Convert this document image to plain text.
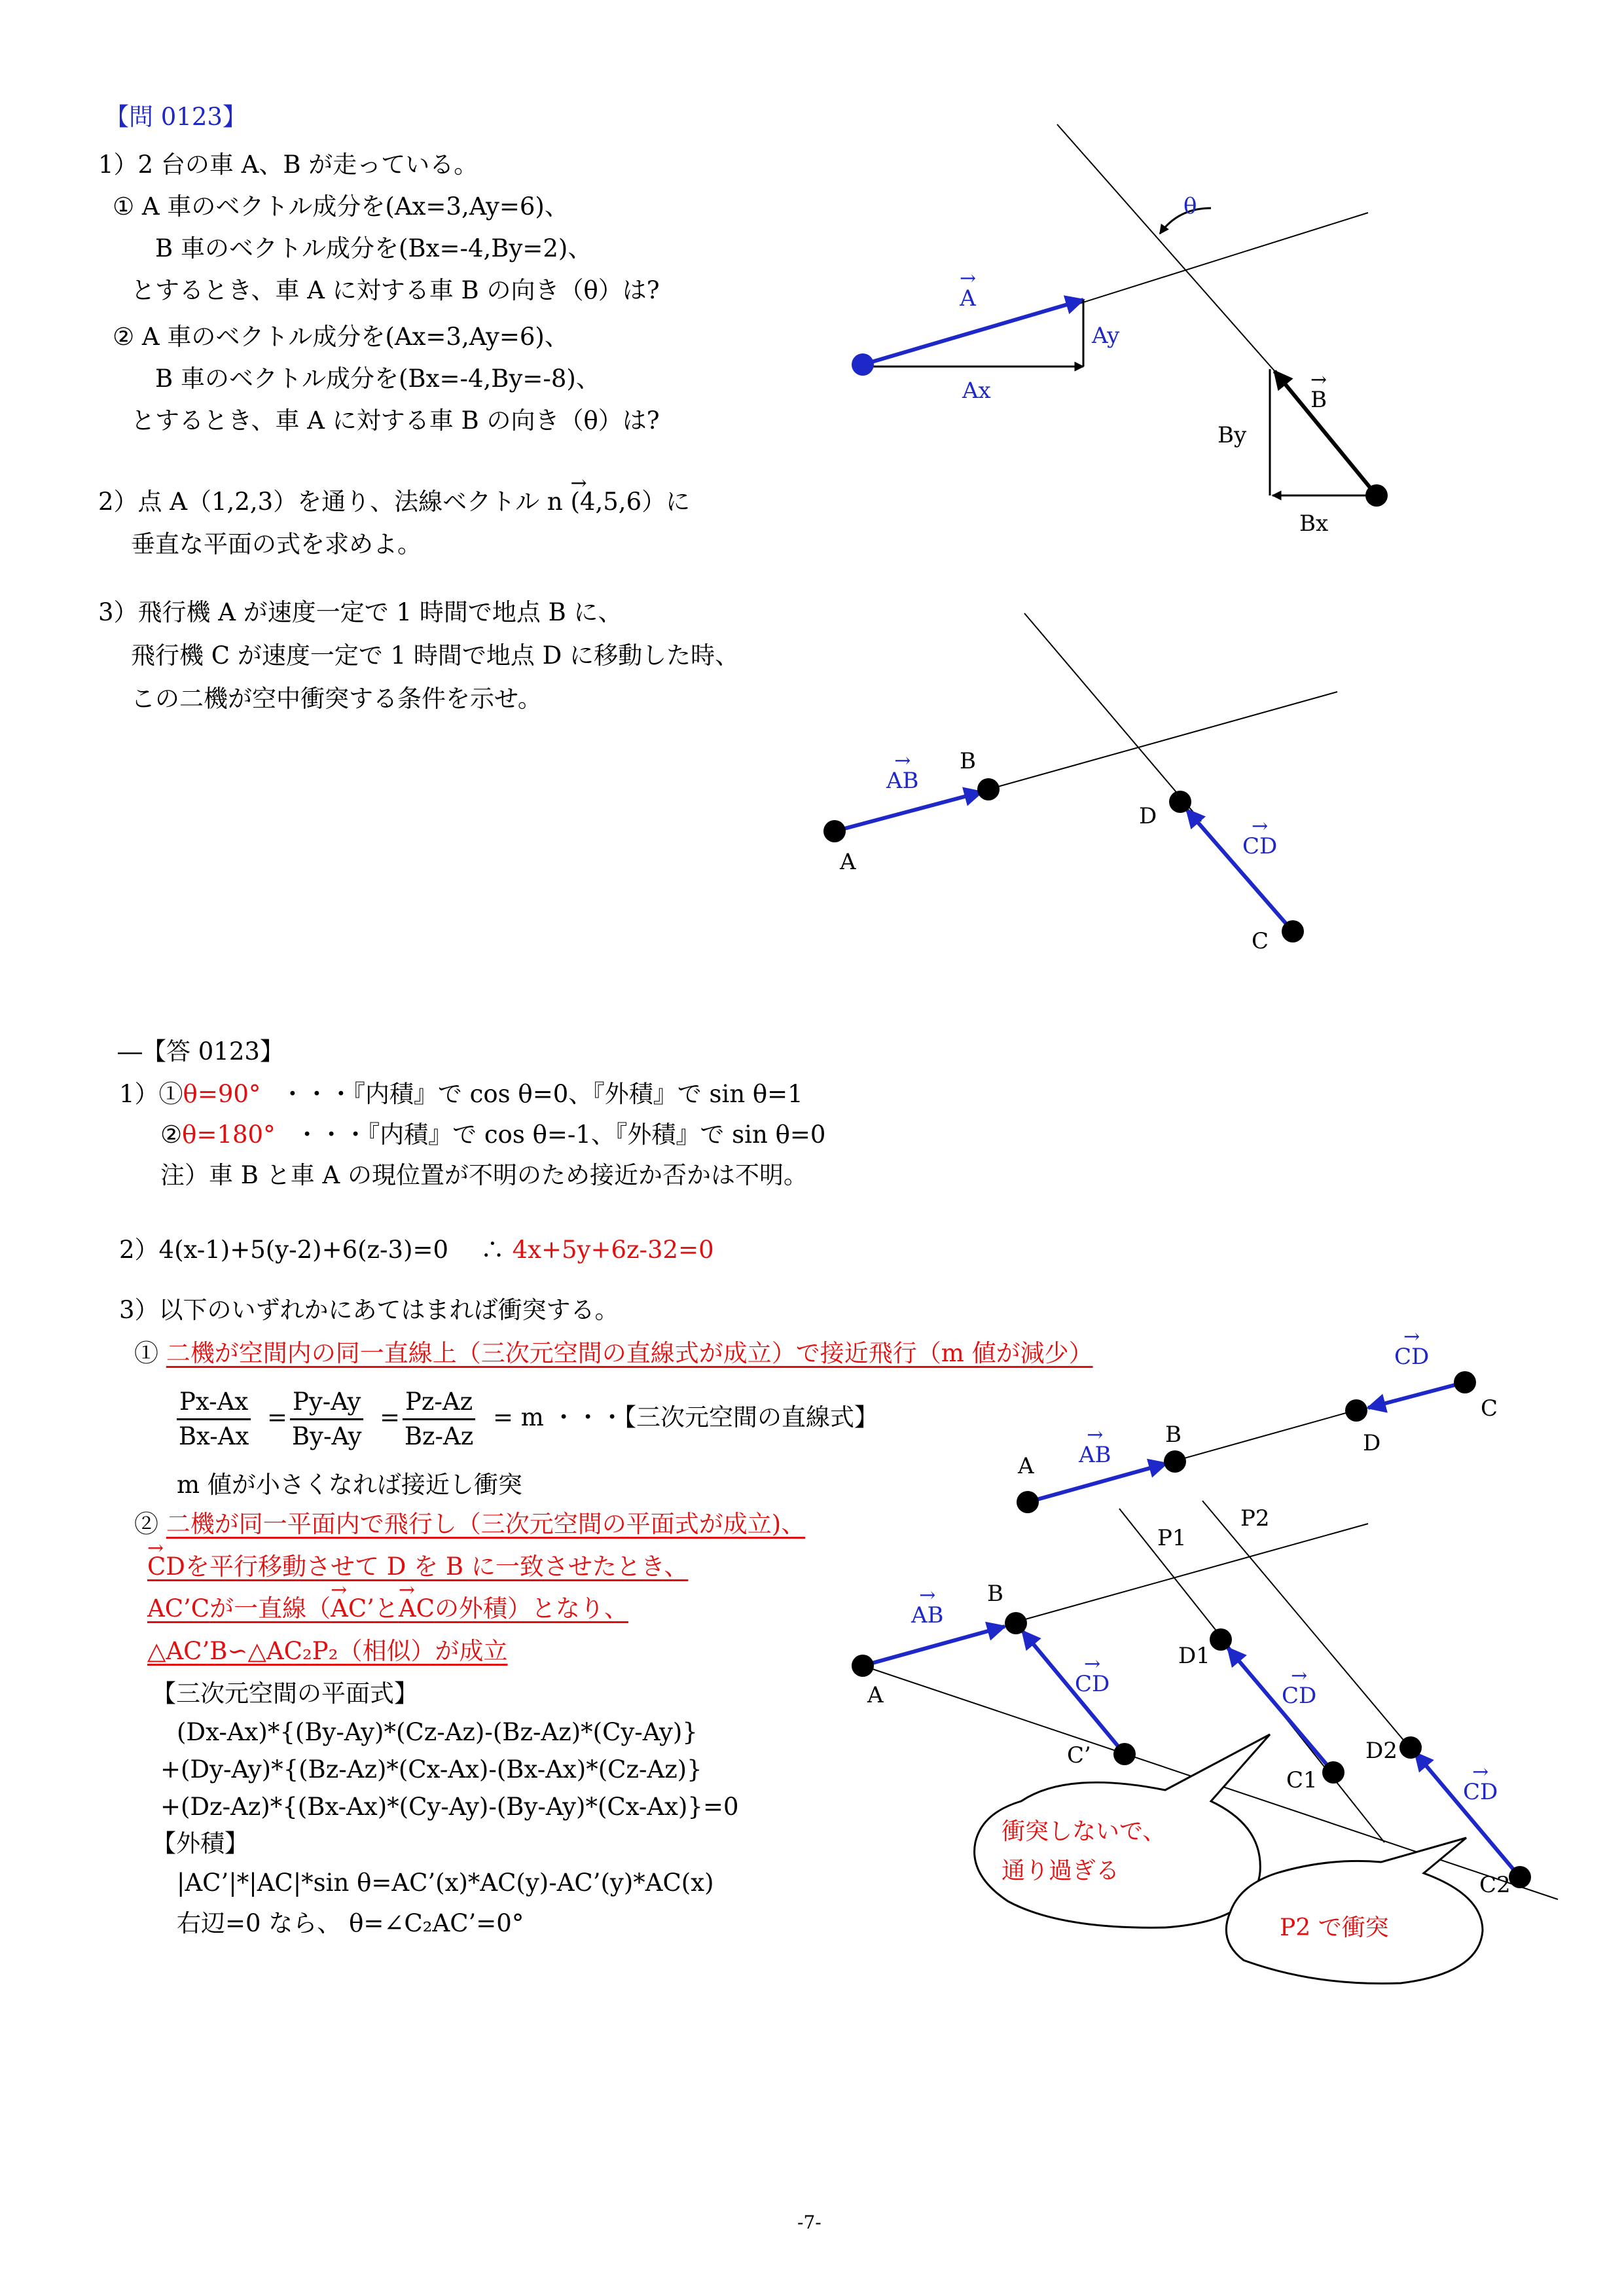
【問 0123】
1）2 台の車 A、B が走っている。
① A 車のベクトル成分を(Ax=3,Ay=6)、
B 車のベクトル成分を(Bx=-4,By=2)、
とするとき、車 A に対する車 B の向き（θ）は?
② A 車のベクトル成分を(Ax=3,Ay=6)、
B 車のベクトル成分を(Bx=-4,By=-8)、
とするとき、車 A に対する車 B の向き（θ）は?
2）点 A（1,2,3）を通り、法線ベクトル n (4,5,6）に
垂直な平面の式を求めよ。
3）飛行機 A が速度一定で 1 時間で地点 B に、
飛行機 C が速度一定で 1 時間で地点 D に移動した時、
この二機が空中衝突する条件を示せ。
θ
→
A
Ay
Ax	→
B
By
Bx
→
AB
B
A
D	→
CD
C
―【答 0123】
1）①θ=90° ・・・『内積』で cos θ=0、『外積』で sin θ=1
②θ=180° ・・・『内積』で cos θ=-1、『外積』で sin θ=0
注）車 B と車 A の現位置が不明のため接近か否かは不明。
2）4(x-1)+5(y-2)+6(z-3)=0　 ∴ 4x+5y+6z-32=0
3）以下のいずれかにあてはまれば衝突する。
① 二機が空間内の同一直線上（三次元空間の直線式が成立）で接近飛行（m 値が減少）
$\frac{Px-Ax}{Bx-Ax} = \frac{Py-Ay}{By-Ay} = \frac{Pz-Az}{Bz-Az} = m$ ・・・
【三次元空間の直線式】
m 値が小さくなれば接近し衝突
② 二機が同一平面内で飛行し（三次元空間の平面式が成立)、
→ CDを平行移動させて D を B に一致させたとき、
AC’Cが一直線（→ AC’と→ ACの外積）となり、
△AC’B∽△AC₂P₂（相似）が成立
【三次元空間の平面式】
(Dx-Ax)*{(By-Ay)*(Cz-Az)-(Bz-Az)*(Cy-Ay)}
+(Dy-Ay)*{(Bz-Az)*(Cx-Ax)-(Bx-Ax)*(Cz-Az)}
+(Dz-Az)*{(Bx-Ax)*(Cy-Ay)-(By-Ay)*(Cx-Ax)}=0
【外積】
|AC’|*|AC|*sin θ=AC’(x)*AC(y)-AC’(y)*AC(x)
右辺=0 なら、 θ=∠C₂AC’=0°
→
CD
C
→
AB
B
A
D
P2
P1
→
AB
B
A
D1
→
CD	→
CD
C’	D2
C1	→
CD
C2
衝突しないで、
通り過ぎる
P2 で衝突
-7-
